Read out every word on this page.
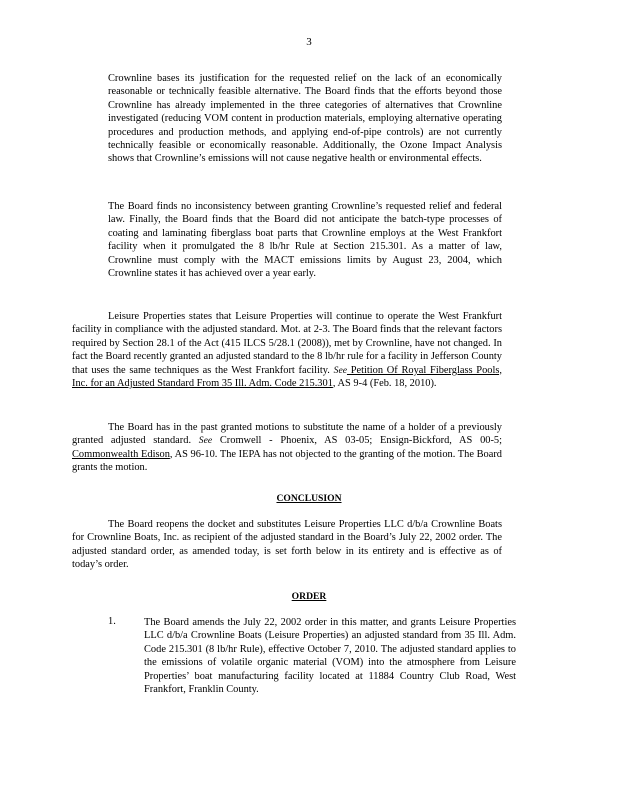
3

Crownline bases its justification for the requested relief on the lack of an economically reasonable or technically feasible alternative. The Board finds that the efforts beyond those Crownline has already implemented in the three categories of alternatives that Crownline investigated (reducing VOM content in production materials, employing alternative operating procedures and production methods, and applying end-of-pipe controls) are not currently technically feasible or economically reasonable. Additionally, the Ozone Impact Analysis shows that Crownline’s emissions will not cause negative health or environmental effects.

The Board finds no inconsistency between granting Crownline’s requested relief and federal law. Finally, the Board finds that the Board did not anticipate the batch-type processes of coating and laminating fiberglass boat parts that Crownline employs at the West Frankfort facility when it promulgated the 8 lb/hr Rule at Section 215.301. As a matter of law, Crownline must comply with the MACT emissions limits by August 23, 2004, which Crownline states it has achieved over a year early.

Leisure Properties states that Leisure Properties will continue to operate the West Frankfurt facility in compliance with the adjusted standard. Mot. at 2-3. The Board finds that the relevant factors required by Section 28.1 of the Act (415 ILCS 5/28.1 (2008)), met by Crownline, have not changed. In fact the Board recently granted an adjusted standard to the 8 lb/hr rule for a facility in Jefferson County that uses the same techniques as the West Frankfort facility. See Petition Of Royal Fiberglass Pools, Inc. for an Adjusted Standard From 35 Ill. Adm. Code 215.301, AS 9-4 (Feb. 18, 2010).

The Board has in the past granted motions to substitute the name of a holder of a previously granted adjusted standard. See Cromwell - Phoenix, AS 03-05; Ensign-Bickford, AS 00-5; Commonwealth Edison, AS 96-10. The IEPA has not objected to the granting of the motion. The Board grants the motion.

CONCLUSION

The Board reopens the docket and substitutes Leisure Properties LLC d/b/a Crownline Boats for Crownline Boats, Inc. as recipient of the adjusted standard in the Board’s July 22, 2002 order. The adjusted standard order, as amended today, is set forth below in its entirety and is effective as of today’s order.

ORDER
1.	The Board amends the July 22, 2002 order in this matter, and grants Leisure Properties LLC d/b/a Crownline Boats (Leisure Properties) an adjusted standard from 35 Ill. Adm. Code 215.301 (8 lb/hr Rule), effective October 7, 2010. The adjusted standard applies to the emissions of volatile organic material (VOM) into the atmosphere from Leisure Properties’ boat manufacturing facility located at 11884 Country Club Road, West Frankfort, Franklin County.
